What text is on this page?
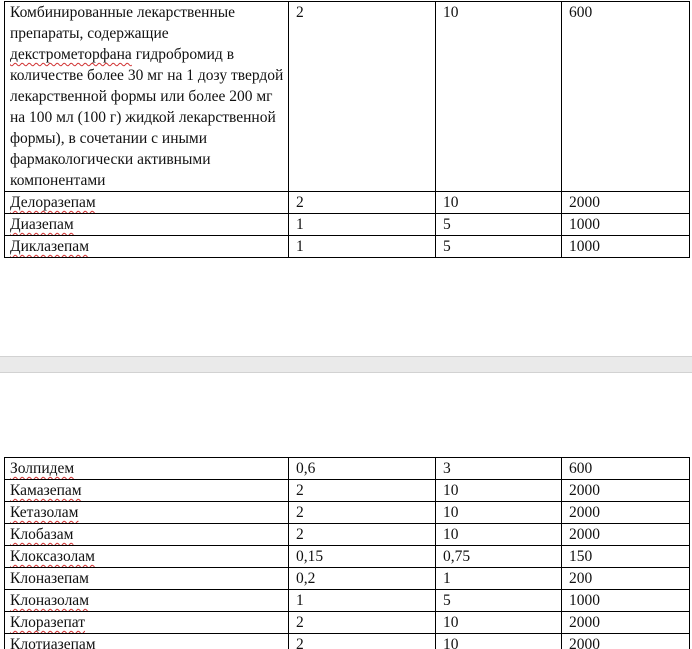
Комбинированные лекарственные препараты, содержащие декстрометорфана гидробромид в количестве более 30 мг на 1 дозу твердой лекарственной формы или более 200 мг на 100 мл (100 г) жидкой лекарственной формы), в сочетании с иными фармакологически активными компонентами	2	10	600
Делоразепам	2	10	2000
Диазепам	1	5	1000
Диклазепам	1	5	1000
Золпидем	0,6	3	600
Камазепам	2	10	2000
Кетазолам	2	10	2000
Клобазам	2	10	2000
Клоксазолам	0,15	0,75	150
Клоназепам	0,2	1	200
Клоназолам	1	5	1000
Клоразепат	2	10	2000
Клотиазепам	2	10	2000
